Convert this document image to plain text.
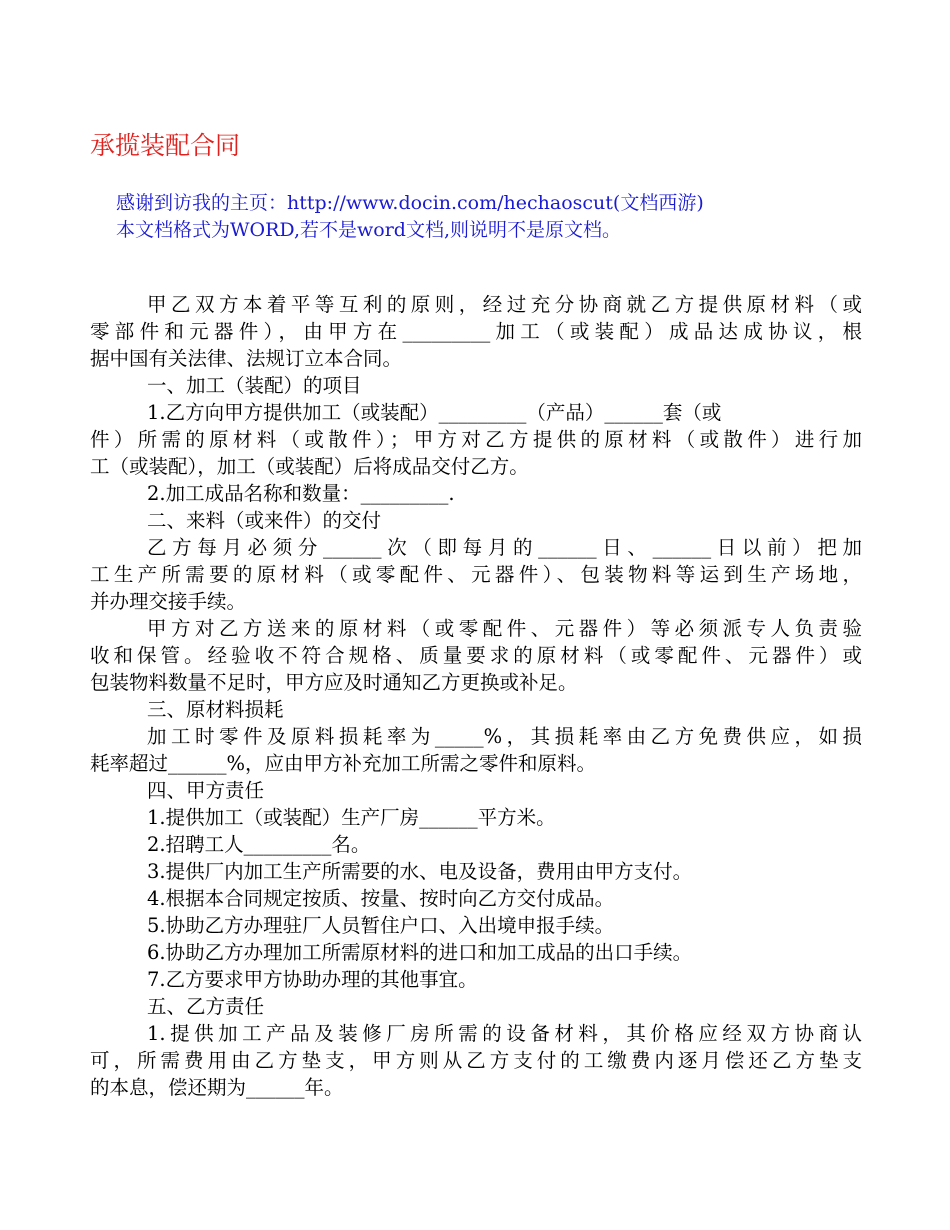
承揽装配合同
感谢到访我的主页：http://www.docin.com/hechaoscut(文档西游)
本文档格式为WORD,若不是word文档,则说明不是原文档。
甲乙双方本着平等互利的原则，经过充分协商就乙方提供原材料（或
零部件和元器件），由甲方在_________加工（或装配）成品达成协议，根
据中国有关法律、法规订立本合同。
一、加工（装配）的项目
1.乙方向甲方提供加工（或装配）_________（产品）______套（或
件）所需的原材料（或散件）；甲方对乙方提供的原材料（或散件）进行加
工（或装配），加工（或装配）后将成品交付乙方。
2.加工成品名称和数量：_________.
二、来料（或来件）的交付
乙方每月必须分______次（即每月的______日、______日以前）把加
工生产所需要的原材料（或零配件、元器件）、包装物料等运到生产场地，
并办理交接手续。
甲方对乙方送来的原材料（或零配件、元器件）等必须派专人负责验
收和保管。经验收不符合规格、质量要求的原材料（或零配件、元器件）或
包装物料数量不足时，甲方应及时通知乙方更换或补足。
三、原材料损耗
加工时零件及原料损耗率为_____%，其损耗率由乙方免费供应，如损
耗率超过______%，应由甲方补充加工所需之零件和原料。
四、甲方责任
1.提供加工（或装配）生产厂房______平方米。
2.招聘工人_________名。
3.提供厂内加工生产所需要的水、电及设备，费用由甲方支付。
4.根据本合同规定按质、按量、按时向乙方交付成品。
5.协助乙方办理驻厂人员暂住户口、入出境申报手续。
6.协助乙方办理加工所需原材料的进口和加工成品的出口手续。
7.乙方要求甲方协助办理的其他事宜。
五、乙方责任
1.提供加工产品及装修厂房所需的设备材料，其价格应经双方协商认
可，所需费用由乙方垫支，甲方则从乙方支付的工缴费内逐月偿还乙方垫支
的本息，偿还期为______年。
